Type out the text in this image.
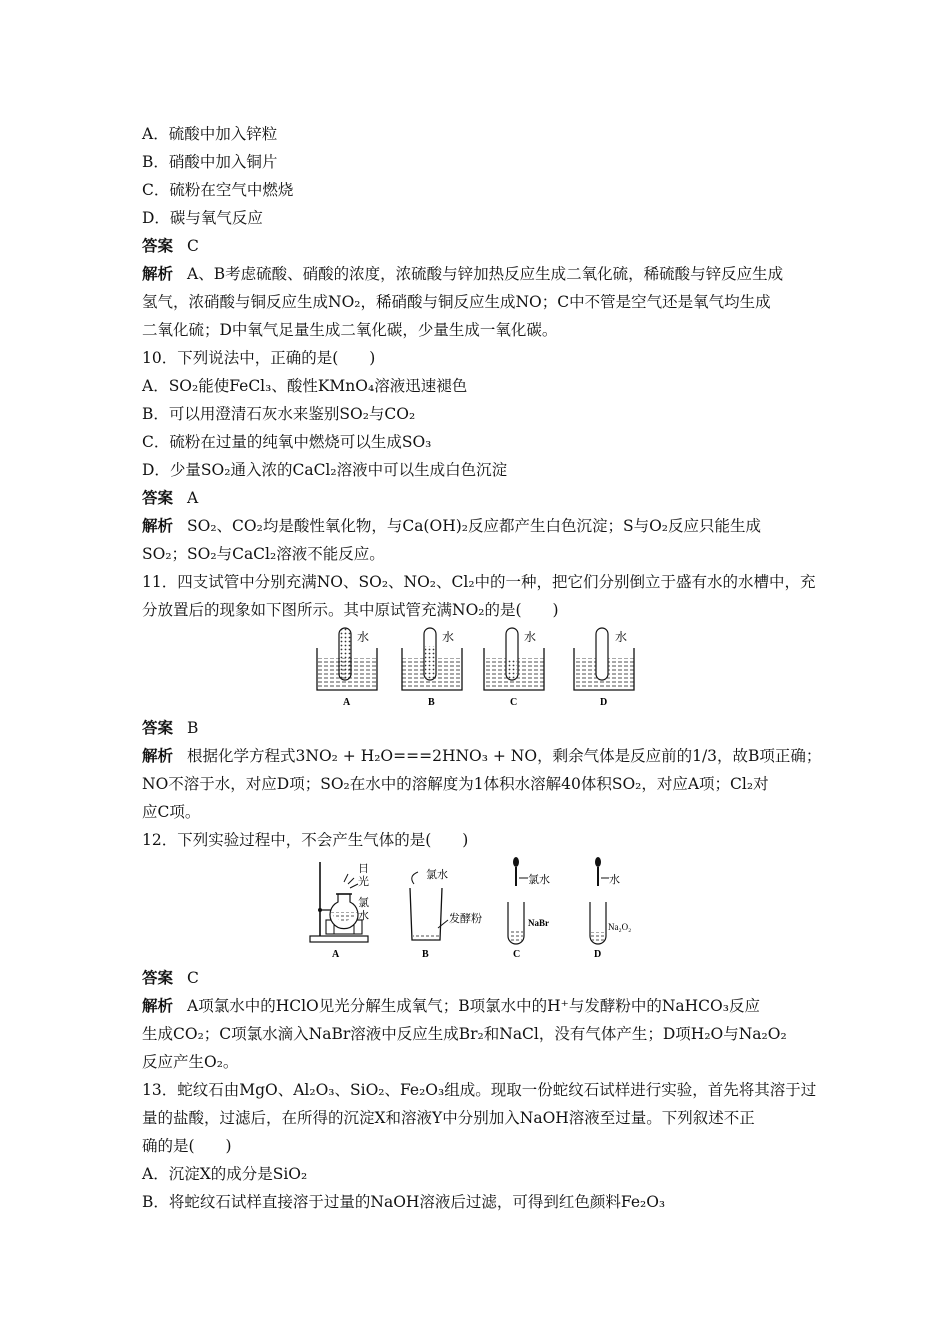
A．硫酸中加入锌粒
B．硝酸中加入铜片
C．硫粉在空气中燃烧
D．碳与氧气反应
答案 C
解析 A、B考虑硫酸、硝酸的浓度，浓硫酸与锌加热反应生成二氧化硫，稀硫酸与锌反应生成
氢气，浓硝酸与铜反应生成NO₂，稀硝酸与铜反应生成NO；C中不管是空气还是氧气均生成
二氧化硫；D中氧气足量生成二氧化碳，少量生成一氧化碳。
10．下列说法中，正确的是(　　)
A．SO₂能使FeCl₃、酸性KMnO₄溶液迅速褪色
B．可以用澄清石灰水来鉴别SO₂与CO₂
C．硫粉在过量的纯氧中燃烧可以生成SO₃
D．少量SO₂通入浓的CaCl₂溶液中可以生成白色沉淀
答案 A
解析 SO₂、CO₂均是酸性氧化物，与Ca(OH)₂反应都产生白色沉淀；S与O₂反应只能生成
SO₂；SO₂与CaCl₂溶液不能反应。
11．四支试管中分别充满NO、SO₂、NO₂、Cl₂中的一种，把它们分别倒立于盛有水的水槽中，充
分放置后的现象如下图所示。其中原试管充满NO₂的是(　　)
水
A
水
B
水
C
水
D
答案 B
解析 根据化学方程式3NO₂ + H₂O===2HNO₃ + NO，剩余气体是反应前的1/3，故B项正确；
NO不溶于水，对应D项；SO₂在水中的溶解度为1体积水溶解40体积SO₂，对应A项；Cl₂对
应C项。
12．下列实验过程中，不会产生气体的是(　　)
日
光
氯
水
A
氯水
发酵粉
B
氯水
NaBr
C
水
Na₂O₂
D
答案 C
解析 A项氯水中的HClO见光分解生成氧气；B项氯水中的H⁺与发酵粉中的NaHCO₃反应
生成CO₂；C项氯水滴入NaBr溶液中反应生成Br₂和NaCl，没有气体产生；D项H₂O与Na₂O₂
反应产生O₂。
13．蛇纹石由MgO、Al₂O₃、SiO₂、Fe₂O₃组成。现取一份蛇纹石试样进行实验，首先将其溶于过
量的盐酸，过滤后，在所得的沉淀X和溶液Y中分别加入NaOH溶液至过量。下列叙述不正
确的是(　　)
A．沉淀X的成分是SiO₂
B．将蛇纹石试样直接溶于过量的NaOH溶液后过滤，可得到红色颜料Fe₂O₃
